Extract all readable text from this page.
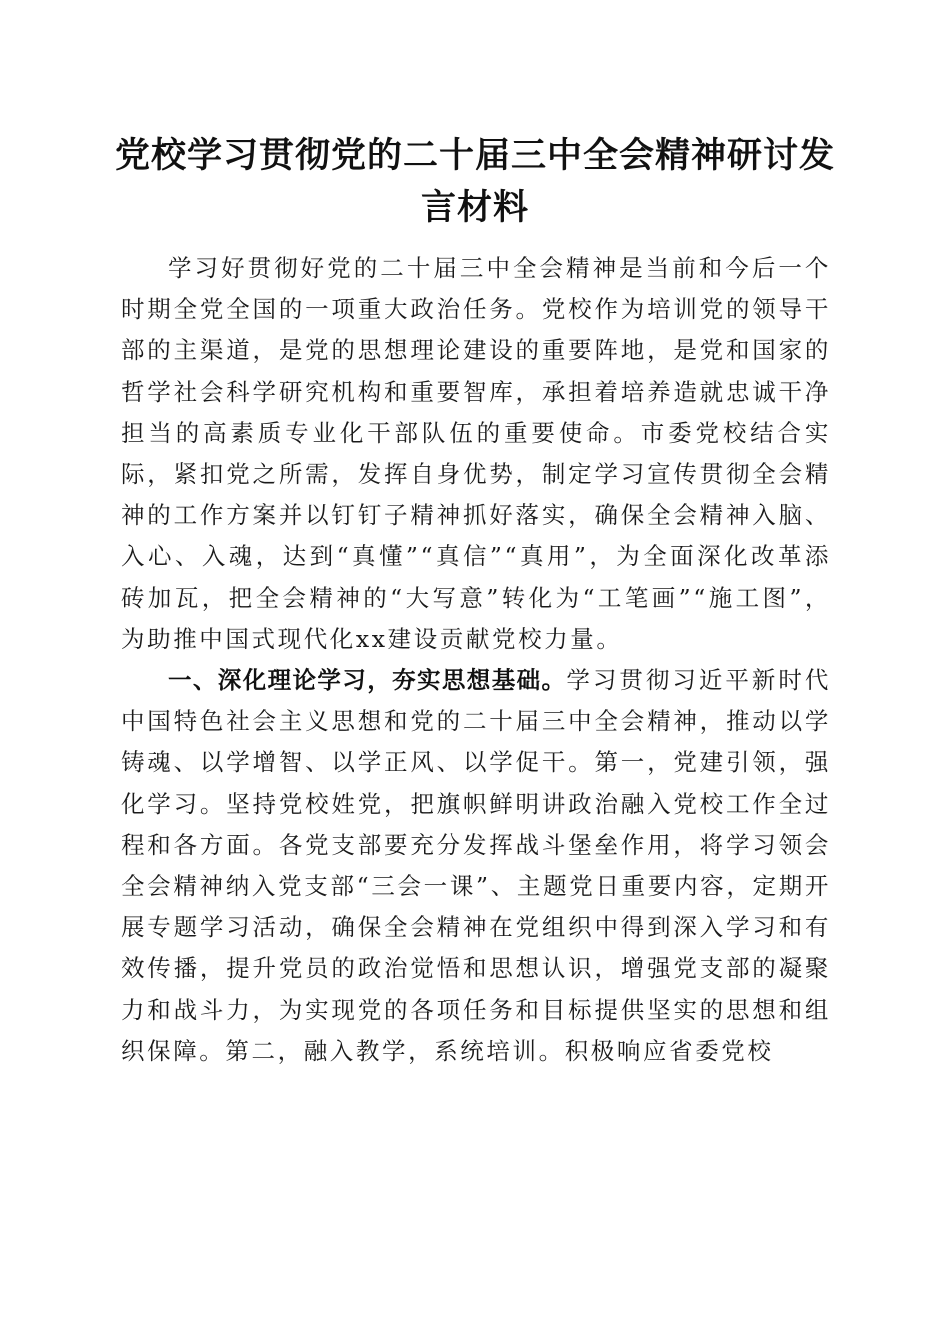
党校学习贯彻党的二十届三中全会精神研讨发言材料

学习好贯彻好党的二十届三中全会精神是当前和今后一个时期全党全国的一项重大政治任务。党校作为培训党的领导干部的主渠道，是党的思想理论建设的重要阵地，是党和国家的哲学社会科学研究机构和重要智库，承担着培养造就忠诚干净担当的高素质专业化干部队伍的重要使命。市委党校结合实际，紧扣党之所需，发挥自身优势，制定学习宣传贯彻全会精神的工作方案并以钉钉子精神抓好落实，确保全会精神入脑、入心、入魂，达到“真懂”“真信”“真用”，为全面深化改革添砖加瓦，把全会精神的“大写意”转化为“工笔画”“施工图”，为助推中国式现代化xx建设贡献党校力量。

一、深化理论学习，夯实思想基础。学习贯彻习近平新时代中国特色社会主义思想和党的二十届三中全会精神，推动以学铸魂、以学增智、以学正风、以学促干。第一，党建引领，强化学习。坚持党校姓党，把旗帜鲜明讲政治融入党校工作全过程和各方面。各党支部要充分发挥战斗堡垒作用，将学习领会全会精神纳入党支部“三会一课”、主题党日重要内容，定期开展专题学习活动，确保全会精神在党组织中得到深入学习和有效传播，提升党员的政治觉悟和思想认识，增强党支部的凝聚力和战斗力，为实现党的各项任务和目标提供坚实的思想和组织保障。第二，融入教学，系统培训。积极响应省委党校
